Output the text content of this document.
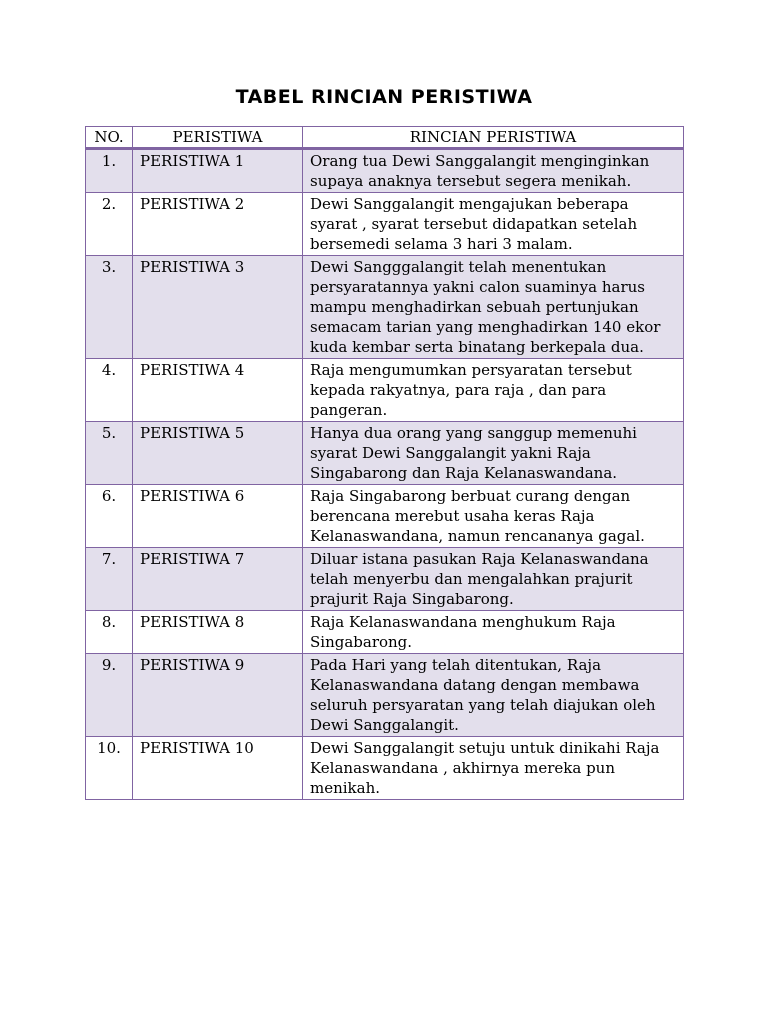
TABEL RINCIAN PERISTIWA
NO.	PERISTIWA	RINCIAN PERISTIWA
1.	PERISTIWA 1	Orang tua Dewi Sanggalangit menginginkan supaya anaknya tersebut segera menikah.
2.	PERISTIWA 2	Dewi Sanggalangit mengajukan beberapa syarat , syarat tersebut didapatkan setelah bersemedi selama 3 hari 3 malam.
3.	PERISTIWA 3	Dewi Sangggalangit telah menentukan persyaratannya yakni calon suaminya harus mampu menghadirkan sebuah pertunjukan semacam tarian yang menghadirkan 140 ekor kuda kembar serta binatang berkepala dua.
4.	PERISTIWA 4	Raja mengumumkan persyaratan tersebut kepada rakyatnya, para raja , dan para pangeran.
5.	PERISTIWA 5	Hanya dua orang yang sanggup memenuhi syarat Dewi Sanggalangit yakni Raja Singabarong dan Raja Kelanaswandana.
6.	PERISTIWA 6	Raja Singabarong berbuat curang dengan berencana merebut usaha keras Raja Kelanaswandana, namun rencananya gagal.
7.	PERISTIWA 7	Diluar istana pasukan Raja Kelanaswandana telah menyerbu dan mengalahkan prajurit prajurit Raja Singabarong.
8.	PERISTIWA 8	Raja Kelanaswandana menghukum Raja Singabarong.
9.	PERISTIWA 9	Pada Hari yang telah ditentukan, Raja Kelanaswandana datang dengan membawa seluruh persyaratan yang telah diajukan oleh Dewi Sanggalangit.
10.	PERISTIWA 10	Dewi Sanggalangit setuju untuk dinikahi Raja Kelanaswandana , akhirnya mereka pun menikah.
